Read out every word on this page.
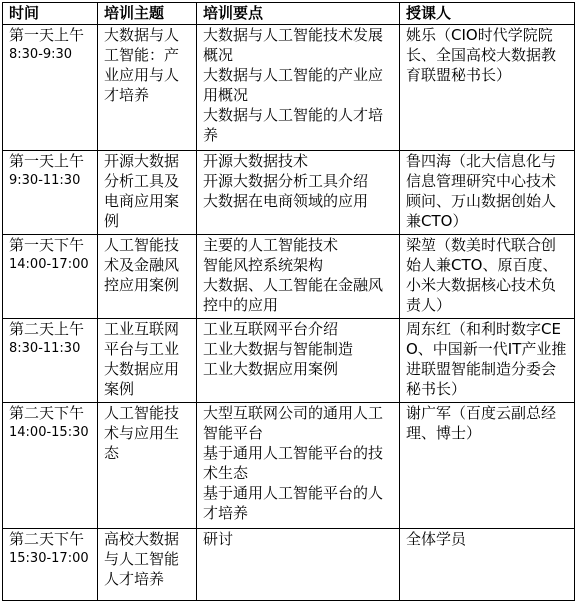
时间	培训主题	培训要点	授课人

第一天上午
8:30-9:30	大数据与人工智能：产业应用与人才培养	大数据与人工智能技术发展概况
大数据与人工智能的产业应用概况
大数据与人工智能的人才培养	姚乐（CIO时代学院院长、全国高校大数据教育联盟秘书长）

第一天上午
9:30-11:30	开源大数据分析工具及电商应用案例	开源大数据技术
开源大数据分析工具介绍
大数据在电商领域的应用	鲁四海（北大信息化与信息管理研究中心技术顾问、万山数据创始人兼CTO）

第一天下午
14:00-17:00	人工智能技术及金融风控应用案例	主要的人工智能技术
智能风控系统架构
大数据、人工智能在金融风控中的应用	梁堃（数美时代联合创始人兼CTO、原百度、小米大数据核心技术负责人）

第二天上午
8:30-11:30	工业互联网平台与工业大数据应用案例	工业互联网平台介绍
工业大数据与智能制造
工业大数据应用案例	周东红（和利时数字CEO、中国新一代IT产业推进联盟智能制造分委会秘书长）

第二天下午
14:00-15:30	人工智能技术与应用生态	大型互联网公司的通用人工智能平台
基于通用人工智能平台的技术生态
基于通用人工智能平台的人才培养	谢广军（百度云副总经理、博士）

第二天下午
15:30-17:00	高校大数据与人工智能人才培养	研讨	全体学员
